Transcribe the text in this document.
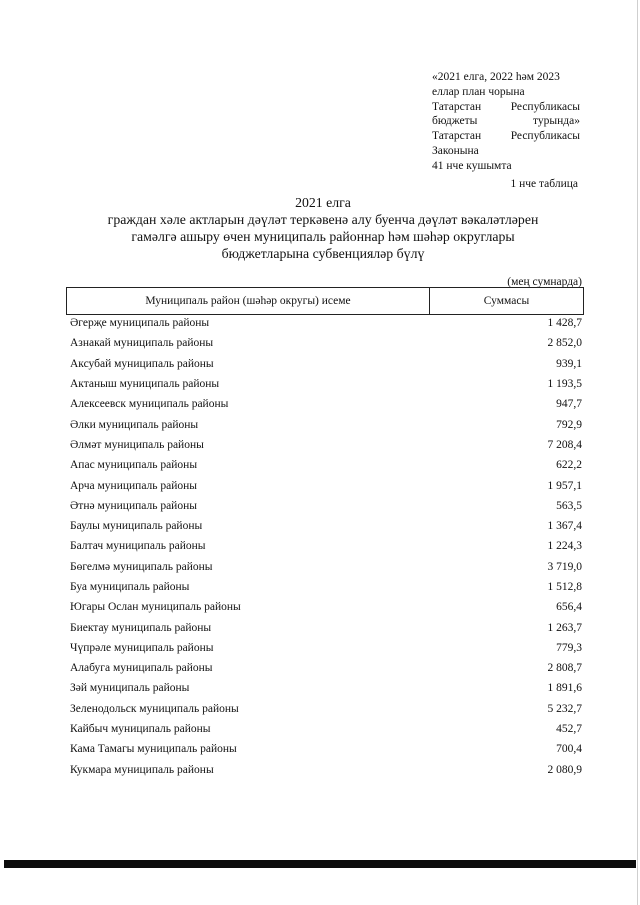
«2021 елга, 2022 һәм 2023
еллар план чорына
Татарстан	Республикасы
бюджеты	турында»
Татарстан	Республикасы
Законына
41 нче кушымта
1 нче таблица
2021 елга
граждан хәле актларын дәүләт теркәвенә алу буенча дәүләт вәкаләтләрен
гамәлгә ашыру өчен муниципаль районнар һәм шәһәр округлары
бюджетларына субвенцияләр бүлү
(мең сумнарда)
Муниципаль район (шәһәр округы) исеме	Суммасы
Әгерҗе муниципаль районы	1 428,7
Азнакай муниципаль районы	2 852,0
Аксубай муниципаль районы	939,1
Актаныш муниципаль районы	1 193,5
Алексеевск муниципаль районы	947,7
Әлки муниципаль районы	792,9
Әлмәт муниципаль районы	7 208,4
Апас муниципаль районы	622,2
Арча муниципаль районы	1 957,1
Әтнә муниципаль районы	563,5
Баулы муниципаль районы	1 367,4
Балтач муниципаль районы	1 224,3
Бөгелмә муниципаль районы	3 719,0
Буа муниципаль районы	1 512,8
Югары Ослан муниципаль районы	656,4
Биектау муниципаль районы	1 263,7
Чүпрәле муниципаль районы	779,3
Алабуга муниципаль районы	2 808,7
Зәй муниципаль районы	1 891,6
Зеленодольск муниципаль районы	5 232,7
Кайбыч муниципаль районы	452,7
Кама Тамагы муниципаль районы	700,4
Кукмара муниципаль районы	2 080,9
